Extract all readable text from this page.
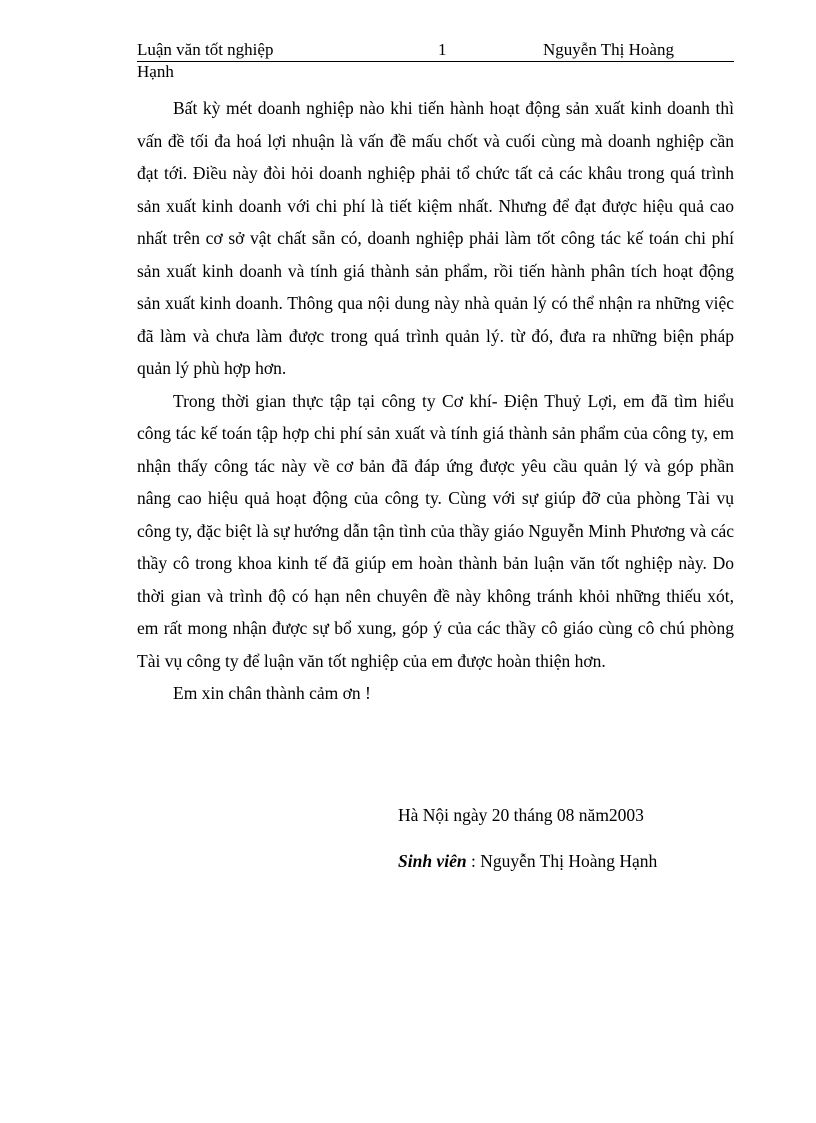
Luận văn tốt nghiệp	1	Nguyễn Thị Hoàng
Hạnh

Bất kỳ mét doanh nghiệp nào khi tiến hành hoạt động sản xuất kinh doanh thì vấn đề tối đa hoá lợi nhuận là vấn đề mấu chốt và cuối cùng mà doanh nghiệp cần đạt tới. Điều này đòi hỏi doanh nghiệp phải tổ chức tất cả các khâu trong quá trình sản xuất kinh doanh với chi phí là tiết kiệm nhất. Nhưng để đạt được hiệu quả cao nhất trên cơ sở vật chất sẵn có, doanh nghiệp phải làm tốt công tác kế toán chi phí sản xuất kinh doanh và tính giá thành sản phẩm, rồi tiến hành phân tích hoạt động sản xuất kinh doanh. Thông qua nội dung này nhà quản lý có thể nhận ra những việc đã làm và chưa làm được trong quá trình quản lý. từ đó, đưa ra những biện pháp quản lý phù hợp hơn.

Trong thời gian thực tập tại công ty Cơ khí- Điện Thuỷ Lợi, em đã tìm hiểu công tác kế toán tập hợp chi phí sản xuất và tính giá thành sản phẩm của công ty, em nhận thấy công tác này về cơ bản đã đáp ứng được yêu cầu quản lý và góp phần nâng cao hiệu quả hoạt động của công ty. Cùng với sự giúp đỡ của phòng Tài vụ công ty, đặc biệt là sự hướng dẫn tận tình của thầy giáo Nguyễn Minh Phương và các thầy cô trong khoa kinh tế đã giúp em hoàn thành bản luận văn tốt nghiệp này. Do thời gian và trình độ có hạn nên chuyên đề này không tránh khỏi những thiếu xót, em rất mong nhận được sự bổ xung, góp ý của các thầy cô giáo cùng cô chú phòng Tài vụ công ty để luận văn tốt nghiệp của em được hoàn thiện hơn.

Em xin chân thành cảm ơn !

Hà Nội ngày 20 tháng 08 năm2003

Sinh viên : Nguyễn Thị Hoàng Hạnh
